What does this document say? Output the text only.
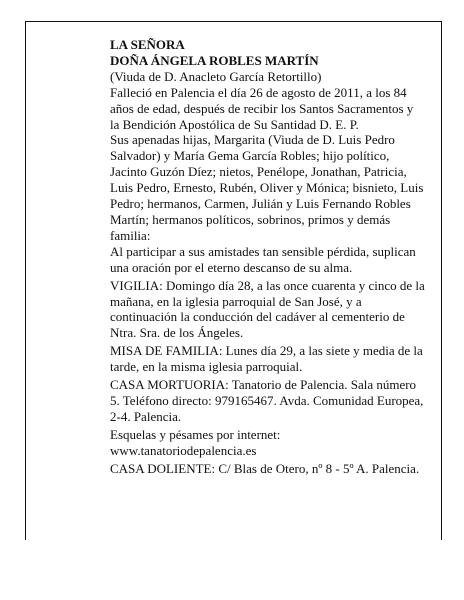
LA SEÑORA

DOÑA ÁNGELA ROBLES MARTÍN

(Viuda de D. Anacleto García Retortillo)

Falleció en Palencia el día 26 de agosto de 2011, a los 84 años de edad, después de recibir los Santos Sacramentos y la Bendición Apostólica de Su Santidad D. E. P.

Sus apenadas hijas, Margarita (Viuda de D. Luis Pedro Salvador) y María Gema García Robles; hijo político, Jacinto Guzón Díez; nietos, Penélope, Jonathan, Patricia, Luis Pedro, Ernesto, Rubén, Oliver y Mónica; bisnieto, Luis Pedro; hermanos, Carmen, Julián y Luis Fernando Robles Martín; hermanos políticos, sobrinos, primos y demás familia:

Al participar a sus amistades tan sensible pérdida, suplican una oración por el eterno descanso de su alma.

VIGILIA: Domingo día 28, a las once cuarenta y cinco de la mañana, en la iglesia parroquial de San José, y a continuación la conducción del cadáver al cementerio de Ntra. Sra. de los Ángeles.

MISA DE FAMILIA: Lunes día 29, a las siete y media de la tarde, en la misma iglesia parroquial.

CASA MORTUORIA: Tanatorio de Palencia. Sala número 5. Teléfono directo: 979165467. Avda. Comunidad Europea, 2-4. Palencia.

Esquelas y pésames por internet: www.tanatoriodepalencia.es

CASA DOLIENTE: C/ Blas de Otero, nº 8 - 5º A. Palencia.
